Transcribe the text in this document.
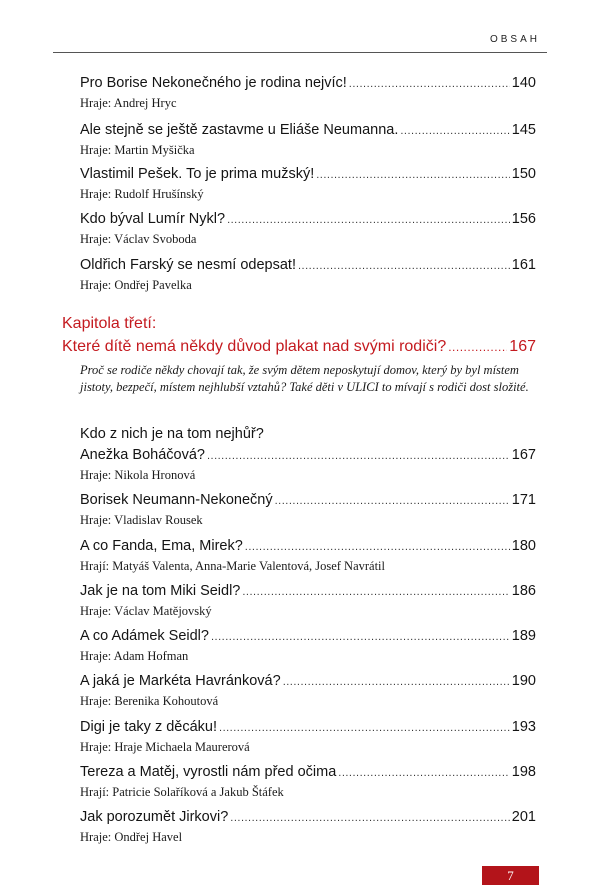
OBSAH
Pro Borise Nekonečného je rodina nejvíc! .....	140
Hraje: Andrej Hryc
Ale stejně se ještě zastavme u Eliáše Neumanna. .....	145
Hraje: Martin Myšička
Vlastimil Pešek. To je prima mužský! .....	150
Hraje: Rudolf Hrušínský
Kdo býval Lumír Nykl? .....	156
Hraje: Václav Svoboda
Oldřich Farský se nesmí odepsat! .....	161
Hraje: Ondřej Pavelka
Kapitola třetí:
Které dítě nemá někdy důvod plakat nad svými rodiči? .....	167
Proč se rodiče někdy chovají tak, že svým dětem neposkytují domov, který by byl místem jistoty, bezpečí, místem nejhlubší vztahů? Také děti v ULICI to mívají s rodiči dost složité.
Kdo z nich je na tom nejhůř?
Anežka Boháčová? .....	167
Hraje: Nikola Hronová
Borisek Neumann-Nekonečný .....	171
Hraje: Vladislav Rousek
A co Fanda, Ema, Mirek? .....	180
Hrají: Matyáš Valenta, Anna-Marie Valentová, Josef Navrátil
Jak je na tom Miki Seidl? .....	186
Hraje: Václav Matějovský
A co Adámek Seidl? .....	189
Hraje: Adam Hofman
A jaká je Markéta Havránková? .....	190
Hraje: Berenika Kohoutová
Digi je taky z děcáku! .....	193
Hraje: Hraje Michaela Maurerová
Tereza a Matěj, vyrostli nám před očima .....	198
Hrají: Patricie Solaříková a Jakub Štáfek
Jak porozumět Jirkovi? .....	201
Hraje: Ondřej Havel
7
